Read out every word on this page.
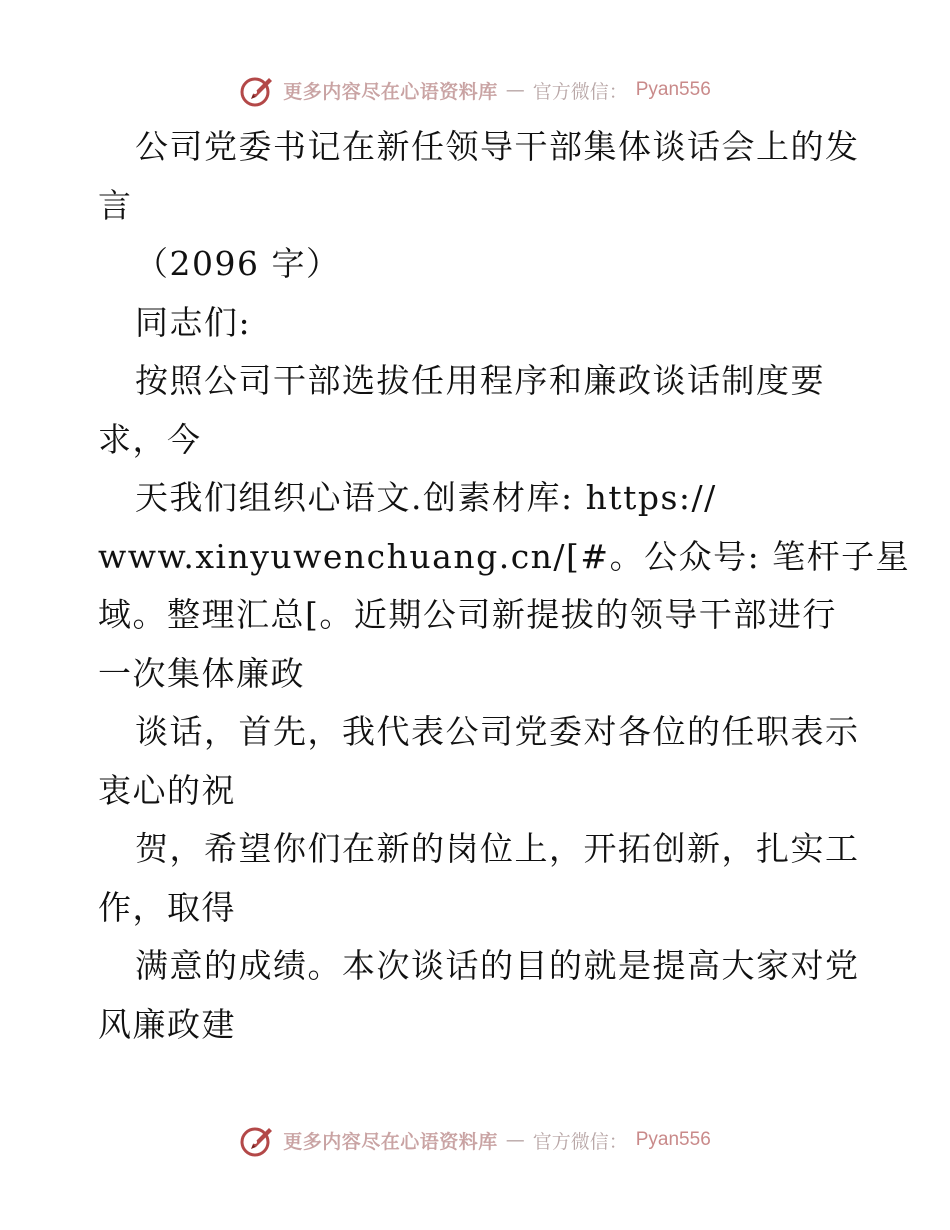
更多内容尽在心语资料库 — 官方微信： Pyan556
公司党委书记在新任领导干部集体谈话会上的发
言
（2096 字）
同志们:
按照公司干部选拔任用程序和廉政谈话制度要
求，今
天我们组织心语文.创素材库: https://
www.xinyuwenchuang.cn/[#。公众号: 笔杆子星
域。整理汇总[。近期公司新提拔的领导干部进行
一次集体廉政
谈话，首先，我代表公司党委对各位的任职表示
衷心的祝
贺，希望你们在新的岗位上，开拓创新，扎实工
作，取得
满意的成绩。本次谈话的目的就是提高大家对党
风廉政建
更多内容尽在心语资料库 — 官方微信： Pyan556
